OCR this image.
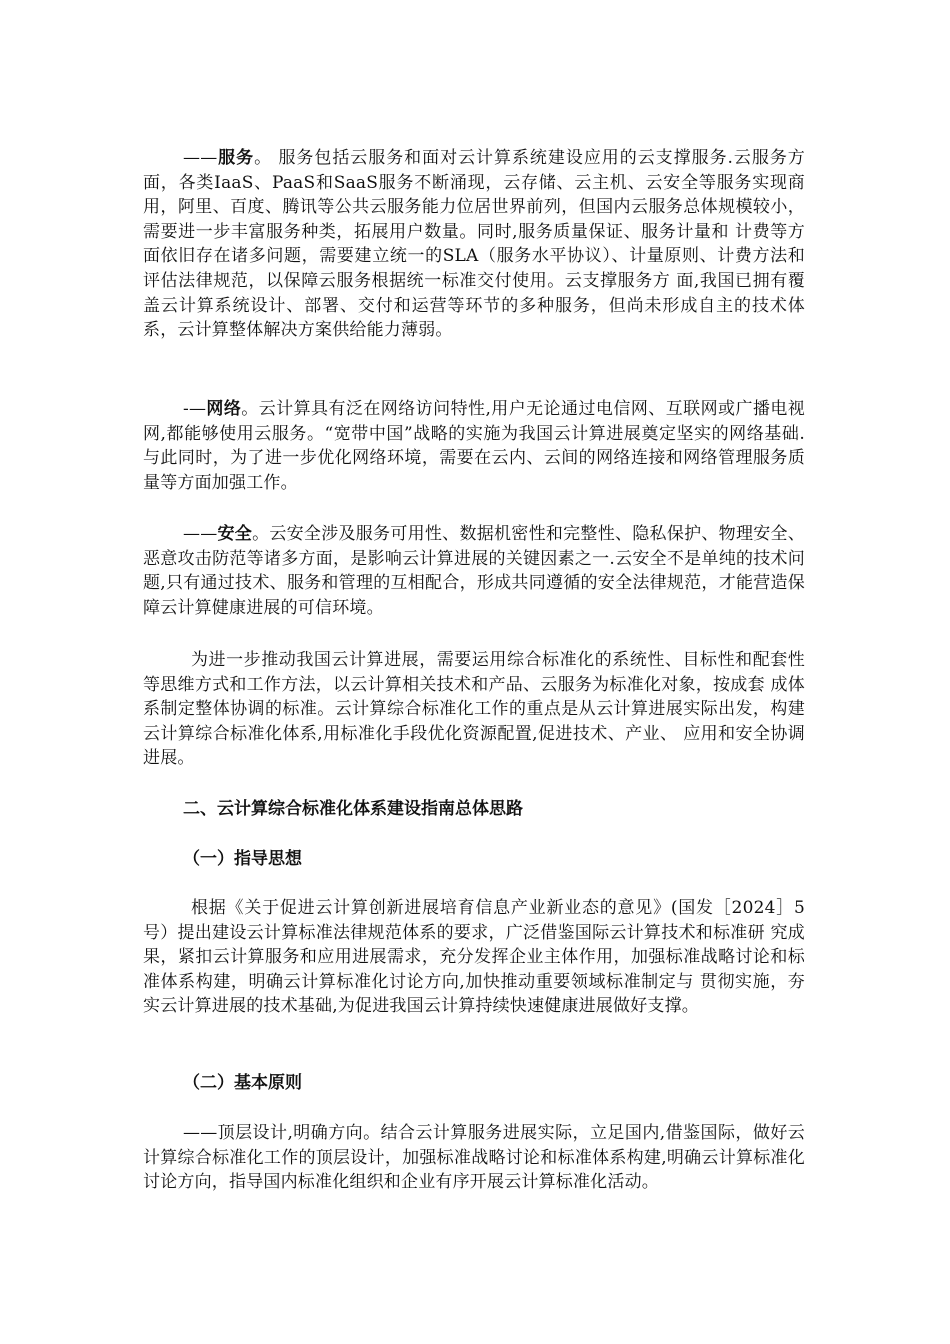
——服务。 服务包括云服务和面对云计算系统建设应用的云支撑服务.云服务方面，各类IaaS、PaaS和SaaS服务不断涌现，云存储、云主机、云安全等服务实现商 用，阿里、百度、腾讯等公共云服务能力位居世界前列，但国内云服务总体规模较小，需要进一步丰富服务种类，拓展用户数量。同时,服务质量保证、服务计量和 计费等方面依旧存在诸多问题，需要建立统一的SLA（服务水平协议）、计量原则、计费方法和评估法律规范，以保障云服务根据统一标准交付使用。云支撑服务方 面,我国已拥有覆盖云计算系统设计、部署、交付和运营等环节的多种服务，但尚未形成自主的技术体系，云计算整体解决方案供给能力薄弱。

-—网络。云计算具有泛在网络访问特性,用户无论通过电信网、互联网或广播电视网,都能够使用云服务。“宽带中国”战略的实施为我国云计算进展奠定坚实的网络基础.与此同时，为了进一步优化网络环境，需要在云内、云间的网络连接和网络管理服务质量等方面加强工作。

——安全。云安全涉及服务可用性、数据机密性和完整性、隐私保护、物理安全、恶意攻击防范等诸多方面，是影响云计算进展的关键因素之一.云安全不是单纯的技术问题,只有通过技术、服务和管理的互相配合，形成共同遵循的安全法律规范，才能营造保障云计算健康进展的可信环境。

为进一步推动我国云计算进展，需要运用综合标准化的系统性、目标性和配套性等思维方式和工作方法，以云计算相关技术和产品、云服务为标准化对象，按成套 成体系制定整体协调的标准。云计算综合标准化工作的重点是从云计算进展实际出发，构建云计算综合标准化体系,用标准化手段优化资源配置,促进技术、产业、 应用和安全协调进展。

二、云计算综合标准化体系建设指南总体思路
（一）指导思想

根据《关于促进云计算创新进展培育信息产业新业态的意见》(国发［2024］5号）提出建设云计算标准法律规范体系的要求，广泛借鉴国际云计算技术和标准研 究成果，紧扣云计算服务和应用进展需求，充分发挥企业主体作用，加强标准战略讨论和标准体系构建，明确云计算标准化讨论方向,加快推动重要领域标准制定与 贯彻实施，夯实云计算进展的技术基础,为促进我国云计算持续快速健康进展做好支撑。

（二）基本原则

——顶层设计,明确方向。结合云计算服务进展实际，立足国内,借鉴国际，做好云计算综合标准化工作的顶层设计，加强标准战略讨论和标准体系构建,明确云计算标准化讨论方向，指导国内标准化组织和企业有序开展云计算标准化活动。
